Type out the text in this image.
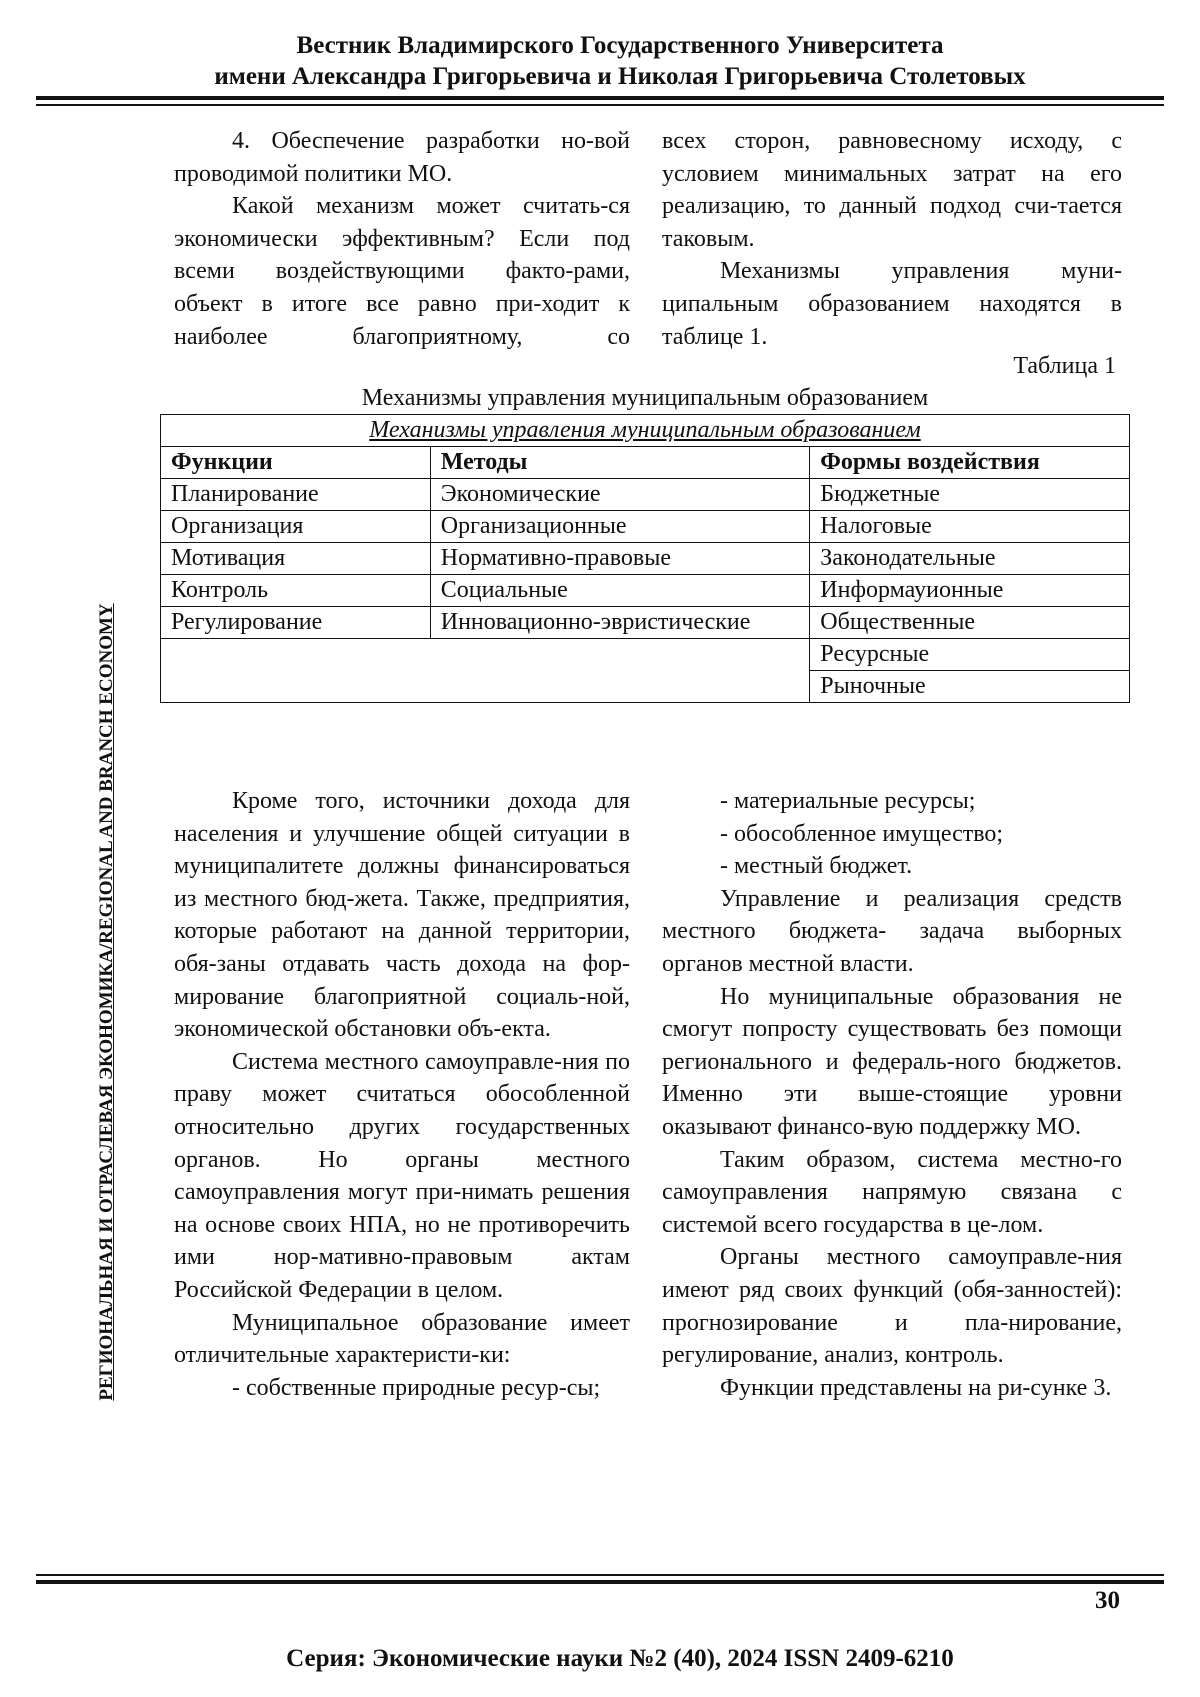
Вестник Владимирского Государственного Университета
имени Александра Григорьевича и Николая Григорьевича Столетовых
РЕГИОНАЛЬНАЯ И ОТРАСЛЕВАЯ ЭКОНОМИКА/REGIONAL AND BRANCH ECONOMY

4. Обеспечение разработки но-вой проводимой политики МО.

Какой механизм может считать-ся экономически эффективным? Если под всеми воздействующими факто-рами, объект в итоге все равно при-ходит к наиболее благоприятному, со

всех сторон, равновесному исходу, с условием минимальных затрат на его реализацию, то данный подход счи-тается таковым.

Механизмы управления муни-ципальным образованием находятся в таблице 1.

Таблица 1
Механизмы управления муниципальным образованием
Механизмы управления муниципальным образованием		
Функции	Методы	Формы воздействия
Планирование	Экономические	Бюджетные
Организация	Организационные	Налоговые
Мотивация	Нормативно-правовые	Законодательные
Контроль	Социальные	Информауионные
Регулирование	Инновационно-эвристические	Общественные
		Ресурсные
		Рыночные

Кроме того, источники дохода для населения и улучшение общей ситуации в муниципалитете должны финансироваться из местного бюд-жета. Также, предприятия, которые работают на данной территории, обя-заны отдавать часть дохода на фор-мирование благоприятной социаль-ной, экономической обстановки объ-екта.

Система местного самоуправле-ния по праву может считаться обособленной относительно других государственных органов. Но органы местного самоуправления могут при-нимать решения на основе своих НПА, но не противоречить ими нор-мативно-правовым актам Российской Федерации в целом.

Муниципальное образование имеет отличительные характеристи-ки:

- собственные природные ресур-сы;

- материальные ресурсы;

- обособленное имущество;

- местный бюджет.

Управление и реализация средств местного бюджета- задача выборных органов местной власти.

Но муниципальные образования не смогут попросту существовать без помощи регионального и федераль-ного бюджетов. Именно эти выше-стоящие уровни оказывают финансо-вую поддержку МО.

Таким образом, система местно-го самоуправления напрямую связана с системой всего государства в це-лом.

Органы местного самоуправле-ния имеют ряд своих функций (обя-занностей): прогнозирование и пла-нирование, регулирование, анализ, контроль.

Функции представлены на ри-сунке 3.

30
Серия: Экономические науки №2 (40), 2024 ISSN 2409-6210
